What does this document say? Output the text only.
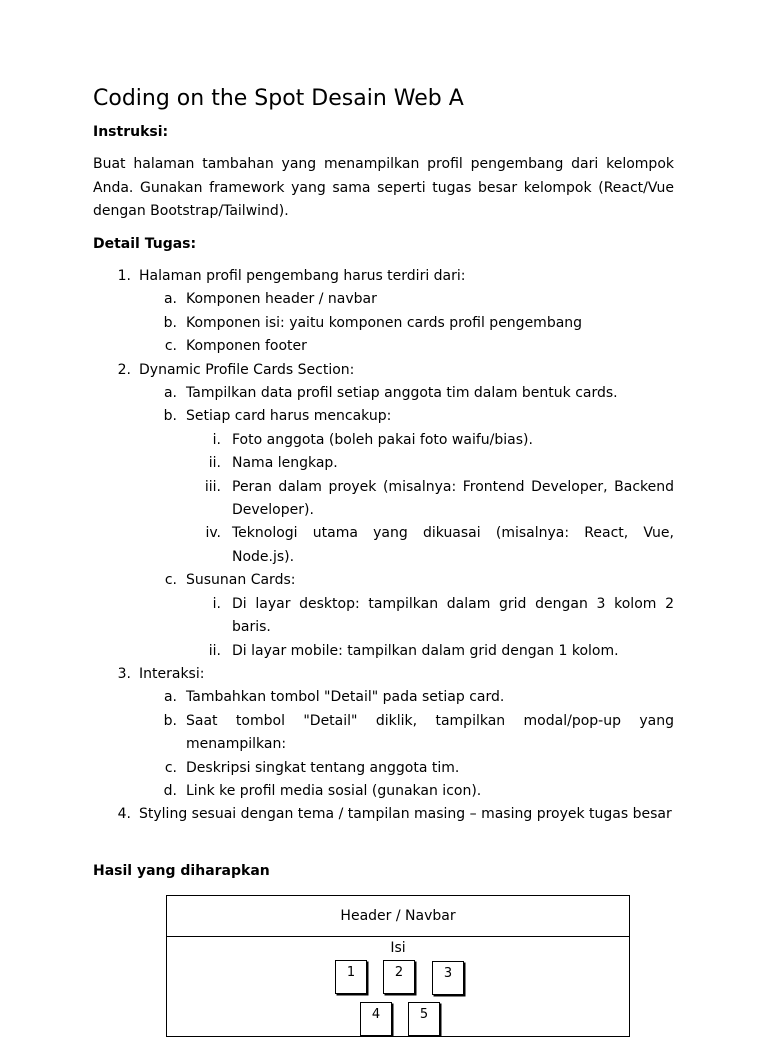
Coding on the Spot Desain Web A
Instruksi:

Buat halaman tambahan yang menampilkan profil pengembang dari kelompok Anda. Gunakan framework yang sama seperti tugas besar kelompok (React/Vue dengan Bootstrap/Tailwind).

Detail Tugas:
1. Halaman profil pengembang harus terdiri dari:
a. Komponen header / navbar
b. Komponen isi: yaitu komponen cards profil pengembang
c. Komponen footer
2. Dynamic Profile Cards Section:
a. Tampilkan data profil setiap anggota tim dalam bentuk cards.
b. Setiap card harus mencakup:
i. Foto anggota (boleh pakai foto waifu/bias).
ii. Nama lengkap.
iii. Peran dalam proyek (misalnya: Frontend Developer, Backend Developer).
iv. Teknologi utama yang dikuasai (misalnya: React, Vue, Node.js).
c. Susunan Cards:
i. Di layar desktop: tampilkan dalam grid dengan 3 kolom 2 baris.
ii. Di layar mobile: tampilkan dalam grid dengan 1 kolom.
3. Interaksi:
a. Tambahkan tombol "Detail" pada setiap card.
b. Saat tombol "Detail" diklik, tampilkan modal/pop-up yang menampilkan:
c. Deskripsi singkat tentang anggota tim.
d. Link ke profil media sosial (gunakan icon).
4. Styling sesuai dengan tema / tampilan masing – masing proyek tugas besar
Hasil yang diharapkan
Header / Navbar
Isi
1	2	3
4	5
